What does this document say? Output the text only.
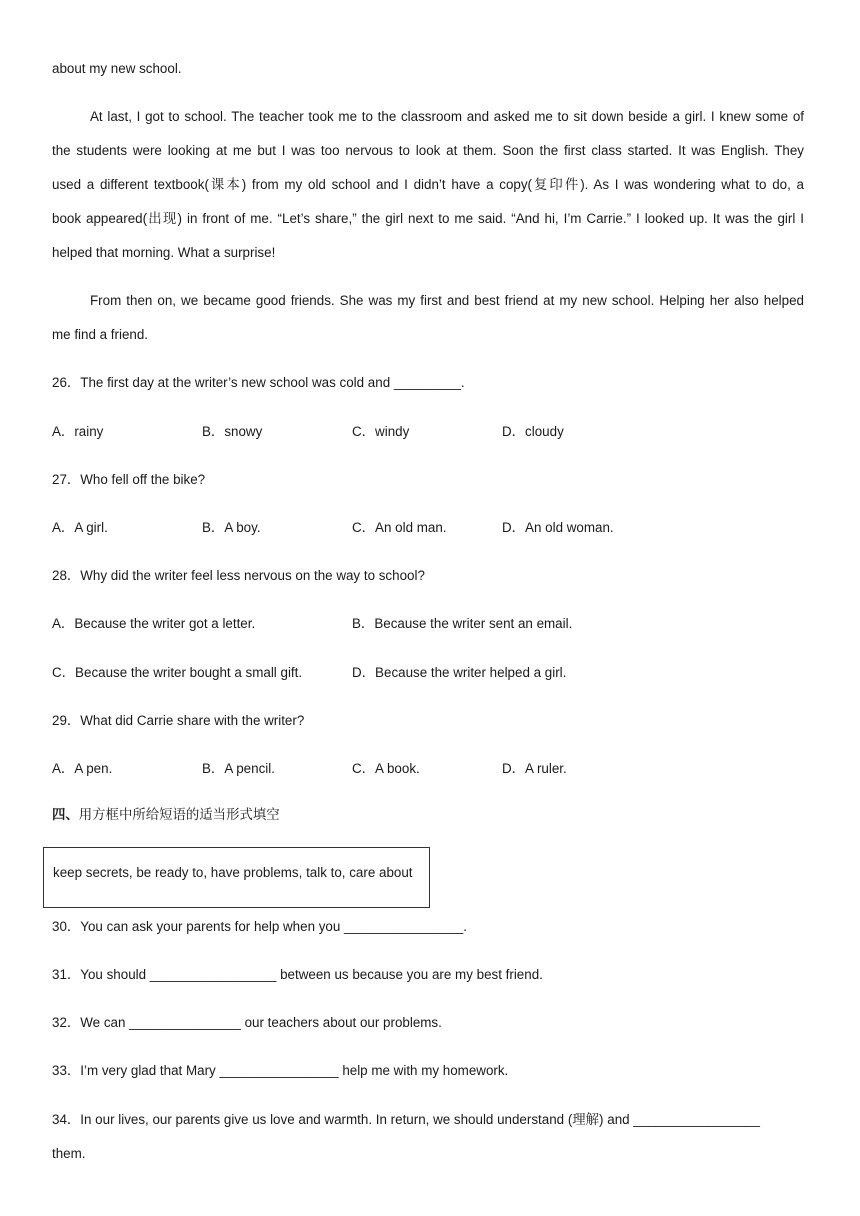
about my new school.
At last, I got to school. The teacher took me to the classroom and asked me to sit down beside a girl. I knew some of
the students were looking at me but I was too nervous to look at them. Soon the first class started. It was English. They
used a different textbook(课本) from my old school and I didn’t have a copy(复印件). As I was wondering what to do, a
book appeared(出现) in front of me. “Let’s share,” the girl next to me said. “And hi, I’m Carrie.” I looked up. It was the girl I
helped that morning. What a surprise!
From then on, we became good friends. She was my first and best friend at my new school. Helping her also helped
me find a friend.
26．The first day at the writer’s new school was cold and _________.
A．rainy	B．snowy	C．windy	D．cloudy
27．Who fell off the bike?
A．A girl.	B．A boy.	C．An old man.	D．An old woman.
28．Why did the writer feel less nervous on the way to school?
A．Because the writer got a letter.	B．Because the writer sent an email.
C．Because the writer bought a small gift.	D．Because the writer helped a girl.
29．What did Carrie share with the writer?
A．A pen.	B．A pencil.	C．A book.	D．A ruler.
四、用方框中所给短语的适当形式填空
keep secrets, be ready to, have problems, talk to, care about
30．You can ask your parents for help when you ________________.
31．You should _________________ between us because you are my best friend.
32．We can _______________ our teachers about our problems.
33．I’m very glad that Mary ________________ help me with my homework.
34．In our lives, our parents give us love and warmth. In return, we should understand (理解) and _________________
them.
